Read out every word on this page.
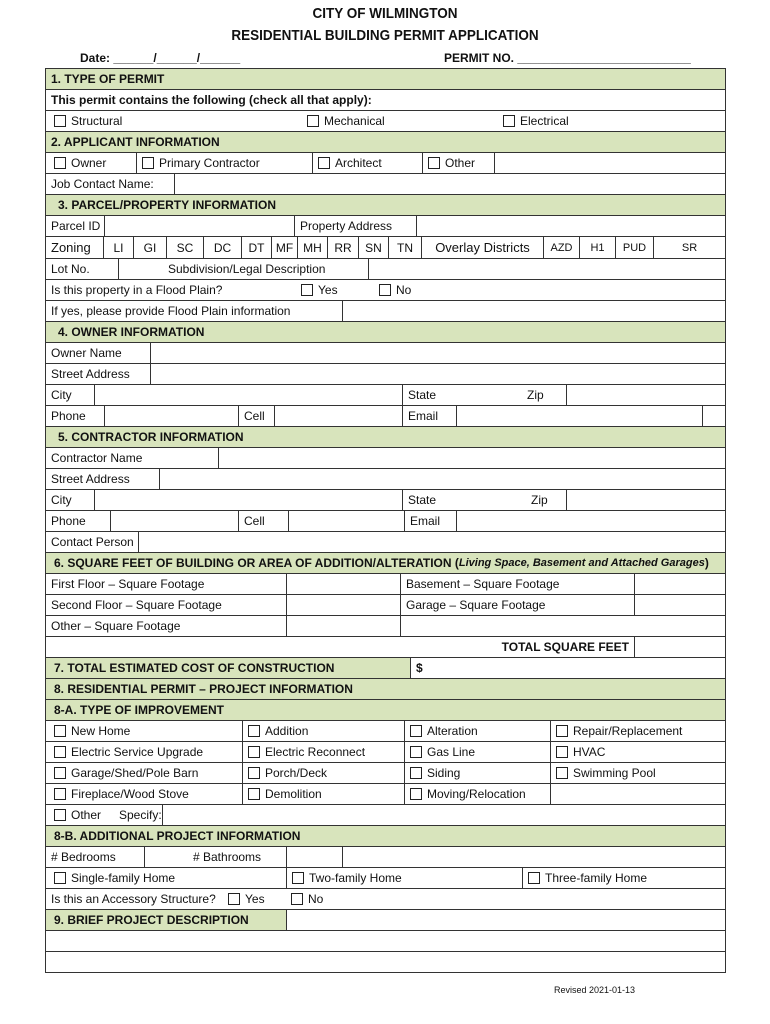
CITY OF WILMINGTON
RESIDENTIAL BUILDING PERMIT APPLICATION
Date: ______/______/______	PERMIT NO. __________________________
1. TYPE OF PERMIT
This permit contains the following (check all that apply):
Structural	Mechanical	Electrical
2. APPLICANT INFORMATION
Owner	Primary Contractor	Architect	Other
Job Contact Name:
3. PARCEL/PROPERTY INFORMATION
Parcel ID	Property Address
Zoning	LI	GI	SC	DC	DT MF MH	RR	SN	TN	Overlay Districts	AZD	H1	PUD	SR
Lot No.	Subdivision/Legal Description
Is this property in a Flood Plain?	Yes	No
If yes, please provide Flood Plain information
4. OWNER INFORMATION
Owner Name
Street Address
City	State	Zip
Phone	Cell	Email
5. CONTRACTOR INFORMATION
Contractor Name
Street Address
City	State	Zip
Phone	Cell	Email
Contact Person
6. SQUARE FEET OF BUILDING OR AREA OF ADDITION/ALTERATION ( Living Space, Basement and Attached Garages )
First Floor – Square Footage	Basement – Square Footage
Second Floor – Square Footage	Garage – Square Footage
Other – Square Footage
TOTAL SQUARE FEET
7. TOTAL ESTIMATED COST OF CONSTRUCTION	$
8. RESIDENTIAL PERMIT – PROJECT INFORMATION
8-A. TYPE OF IMPROVEMENT
New Home	Addition	Alteration	Repair/Replacement
Electric Service Upgrade	Electric Reconnect	Gas Line	HVAC
Garage/Shed/Pole Barn	Porch/Deck	Siding	Swimming Pool
Fireplace/Wood Stove	Demolition	Moving/Relocation
Other	Specify:
8-B. ADDITIONAL PROJECT INFORMATION
# Bedrooms	# Bathrooms
Single-family Home	Two-family Home	Three-family Home
Is this an Accessory Structure?	Yes	No
9. BRIEF PROJECT DESCRIPTION
Revised 2021-01-13
